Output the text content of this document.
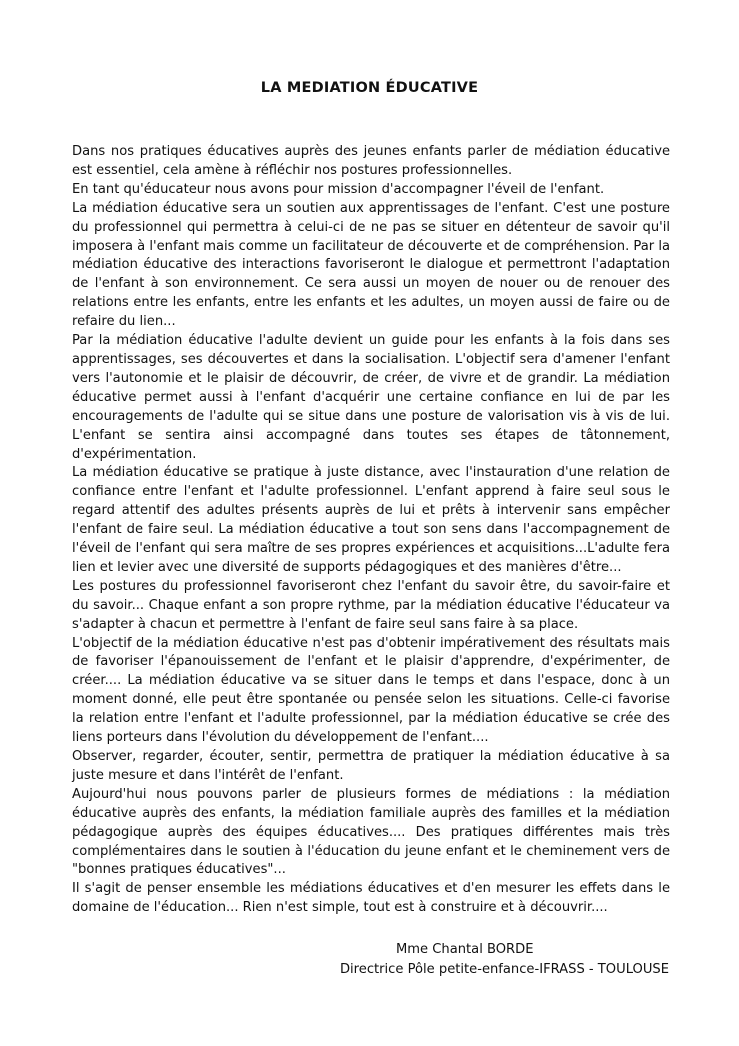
LA MEDIATION ÉDUCATIVE

Dans nos pratiques éducatives auprès des jeunes enfants parler de médiation éducative est essentiel, cela amène à réfléchir nos postures professionnelles.

En tant qu'éducateur nous avons pour mission d'accompagner l'éveil de l'enfant.

La médiation éducative sera un soutien aux apprentissages de l'enfant. C'est une posture du professionnel qui permettra à celui-ci de ne pas se situer en détenteur de savoir qu'il imposera à l'enfant mais comme un facilitateur de découverte et de compréhension. Par la médiation éducative des interactions favoriseront le dialogue et permettront l'adaptation de l'enfant à son environnement. Ce sera aussi un moyen de nouer ou de renouer des relations entre les enfants, entre les enfants et les adultes, un moyen aussi de faire ou de refaire du lien...

Par la médiation éducative l'adulte devient un guide pour les enfants à la fois dans ses apprentissages, ses découvertes et dans la socialisation. L'objectif sera d'amener l'enfant vers l'autonomie et le plaisir de découvrir, de créer, de vivre et de grandir. La médiation éducative permet aussi à l'enfant d'acquérir une certaine confiance en lui de par les encouragements de l'adulte qui se situe dans une posture de valorisation vis à vis de lui. L'enfant se sentira ainsi accompagné dans toutes ses étapes de tâtonnement, d'expérimentation.

La médiation éducative se pratique à juste distance, avec l'instauration d'une relation de confiance entre l'enfant et l'adulte professionnel. L'enfant apprend à faire seul sous le regard attentif des adultes présents auprès de lui et prêts à intervenir sans empêcher l'enfant de faire seul. La médiation éducative a tout son sens dans l'accompagnement de l'éveil de l'enfant qui sera maître de ses propres expériences et acquisitions...L'adulte fera lien et levier avec une diversité de supports pédagogiques et des manières d'être...

Les postures du professionnel favoriseront chez l'enfant du savoir être, du savoir-faire et du savoir... Chaque enfant a son propre rythme, par la médiation éducative l'éducateur va s'adapter à chacun et permettre à l'enfant de faire seul sans faire à sa place.

L'objectif de la médiation éducative n'est pas d'obtenir impérativement des résultats mais de favoriser l'épanouissement de l'enfant et le plaisir d'apprendre, d'expérimenter, de créer.... La médiation éducative va se situer dans le temps et dans l'espace, donc à un moment donné, elle peut être spontanée ou pensée selon les situations. Celle-ci favorise la relation entre l'enfant et l'adulte professionnel, par la médiation éducative se crée des liens porteurs dans l'évolution du développement de l'enfant....

Observer, regarder, écouter, sentir, permettra de pratiquer la médiation éducative à sa juste mesure et dans l'intérêt de l'enfant.

Aujourd'hui nous pouvons parler de plusieurs formes de médiations : la médiation éducative auprès des enfants, la médiation familiale auprès des familles et la médiation pédagogique auprès des équipes éducatives.... Des pratiques différentes mais très complémentaires dans le soutien à l'éducation du jeune enfant et le cheminement vers de "bonnes pratiques éducatives"...

Il s'agit de penser ensemble les médiations éducatives et d'en mesurer les effets dans le domaine de l'éducation... Rien n'est simple, tout est à construire et à découvrir....

Mme Chantal BORDE
Directrice Pôle petite-enfance-IFRASS - TOULOUSE
